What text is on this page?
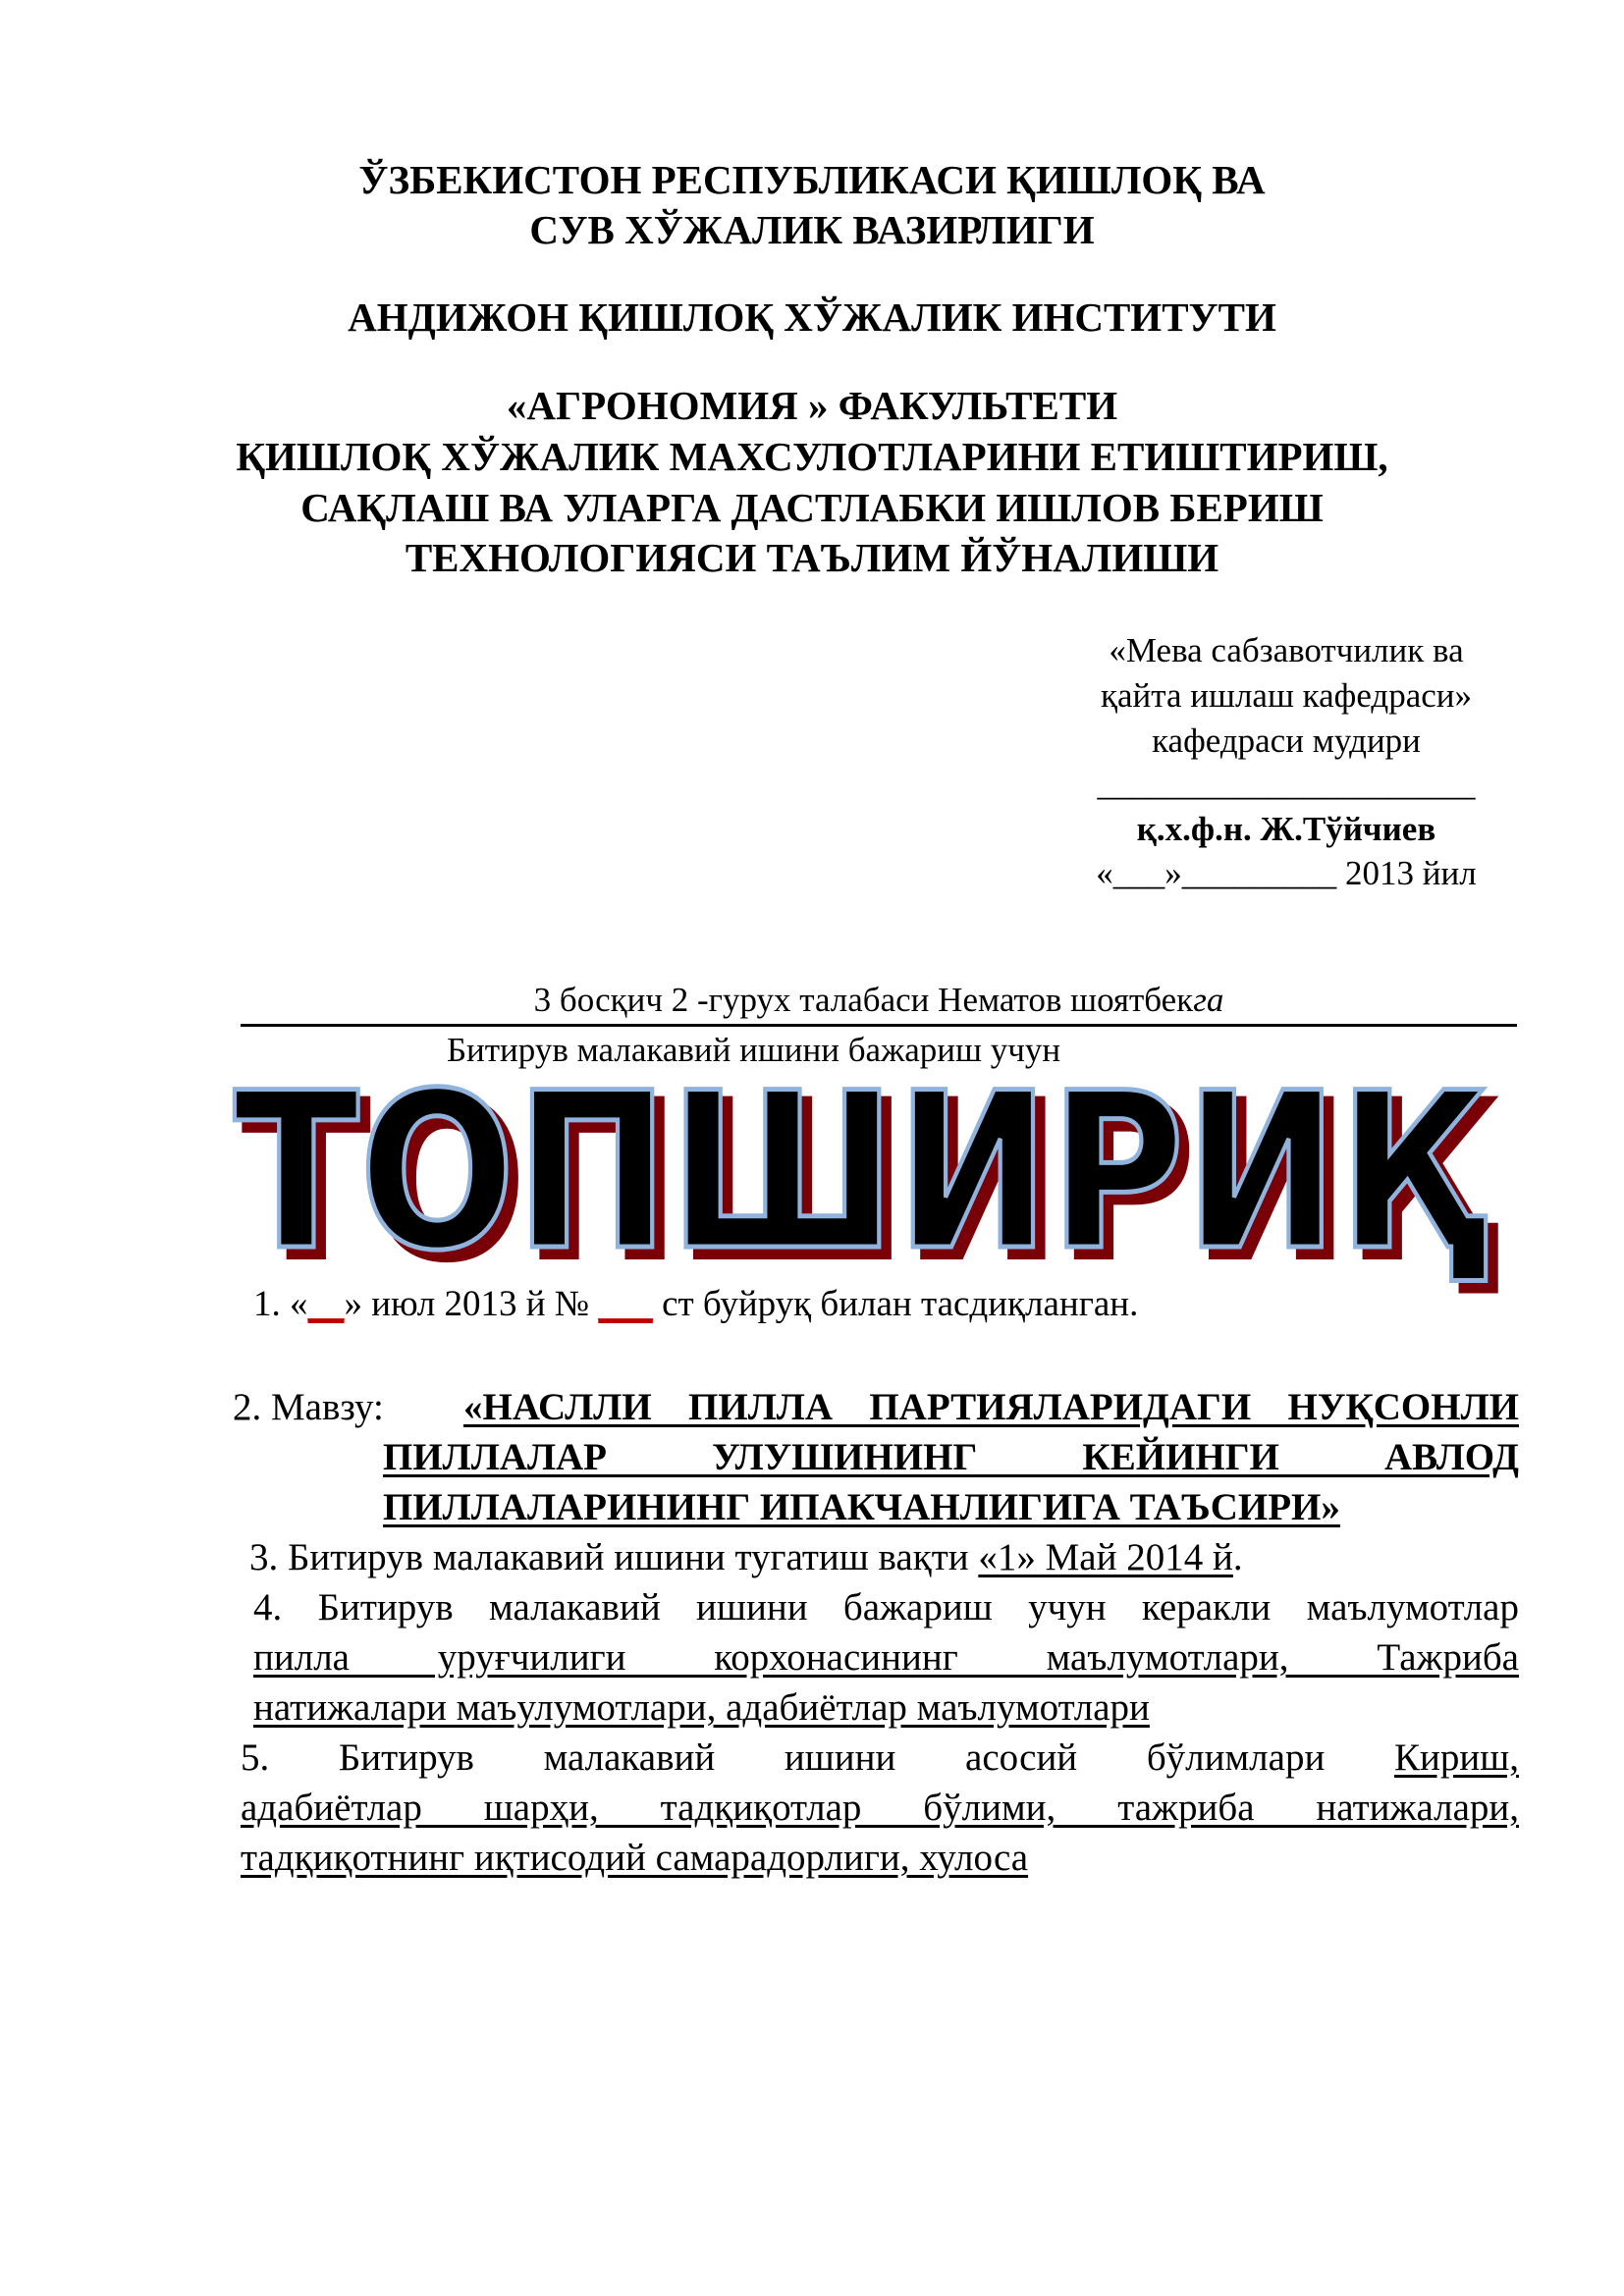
ЎЗБЕКИСТОН РЕСПУБЛИКАСИ ҚИШЛОҚ ВА
СУВ ХЎЖАЛИК ВАЗИРЛИГИ
АНДИЖОН ҚИШЛОҚ ХЎЖАЛИК ИНСТИТУТИ
«АГРОНОМИЯ » ФАКУЛЬТЕТИ
ҚИШЛОҚ ХЎЖАЛИК МАХСУЛОТЛАРИНИ ЕТИШТИРИШ,
САҚЛАШ ВА УЛАРГА ДАСТЛАБКИ ИШЛОВ БЕРИШ
ТЕХНОЛОГИЯСИ ТАЪЛИМ ЙЎНАЛИШИ
«Мева сабзавотчилик ва
қайта ишлаш кафедраси»
кафедраси мудири
______________________
қ.х.ф.н. Ж.Тўйчиев
«___»_________ 2013 йил
3 босқич 2 -гурух талабаси Нематов шоятбекга
Битирув малакавий ишини бажариш учун
ТОПШИРИҚ
ТОПШИРИҚ
1. «__» июл 2013 й № ___ ст буйруқ билан тасдиқланган.
2. Мавзу: «НАСЛЛИ ПИЛЛА ПАРТИЯЛАРИДАГИ НУҚСОНЛИ
ПИЛЛАЛАР УЛУШИНИНГ КЕЙИНГИ АВЛОД
ПИЛЛАЛАРИНИНГ ИПАКЧАНЛИГИГА ТАЪСИРИ»
3. Битирув малакавий ишини тугатиш вақти «1» Май 2014 й.
4. Битирув малакавий ишини бажариш учун керакли маълумотлар
пилла уруғчилиги корхонасининг маълумотлари, Тажриба
натижалари маъулумотлари, адабиётлар маълумотлари
5. Битирув малакавий ишини асосий бўлимлари Кириш,
адабиётлар шарҳи, тадқиқотлар бўлими, тажриба натижалари,
тадқиқотнинг иқтисодий самарадорлиги, хулоса
